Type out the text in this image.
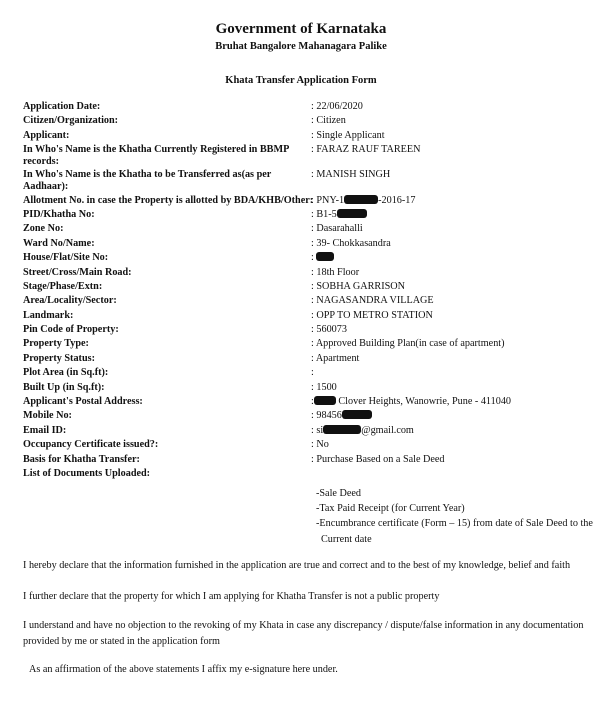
Government of Karnataka
Bruhat Bangalore Mahanagara Palike
Khata Transfer Application Form
Application Date:	: 22/06/2020
Citizen/Organization:	: Citizen
Applicant:	: Single Applicant
In Who's Name is the Khatha Currently Registered in BBMP records:
: FARAZ RAUF TAREEN
In Who's Name is the Khatha to be Transferred as(as per Aadhaar):
: MANISH SINGH
Allotment No. in case the Property is allotted by BDA/KHB/Other:
: PNY-1	-2016-17
PID/Khatha No:	: B1-5
Zone No:	: Dasarahalli
Ward No/Name:	: 39- Chokkasandra
House/Flat/Site No:	:
Street/Cross/Main Road:	: 18th Floor
Stage/Phase/Extn:	: SOBHA GARRISON
Area/Locality/Sector:	: NAGASANDRA VILLAGE
Landmark:	: OPP TO METRO STATION
Pin Code of Property:	: 560073
Property Type:	: Approved Building Plan(in case of apartment)
Property Status:	: Apartment
Plot Area (in Sq.ft):	:
Built Up (in Sq.ft):	: 1500
Applicant's Postal Address:	: Clover Heights, Wanowrie, Pune - 411040
Mobile No:	: 98456
Email ID:	: si	@gmail.com
Occupancy Certificate issued?:	: No
Basis for Khatha Transfer:	: Purchase Based on a Sale Deed
List of Documents Uploaded:
-Sale Deed
-Tax Paid Receipt (for Current Year)
-Encumbrance certificate (Form – 15) from date of Sale Deed to the
Current date
I hereby declare that the information furnished in the application are true and correct and to the best of my knowledge, belief and faith
I further declare that the property for which I am applying for Khatha Transfer is not a public property
I understand and have no objection to the revoking of my Khata in case any discrepancy / dispute/false information in any documentation provided by me or stated in the application form
As an affirmation of the above statements I affix my e-signature here under.
